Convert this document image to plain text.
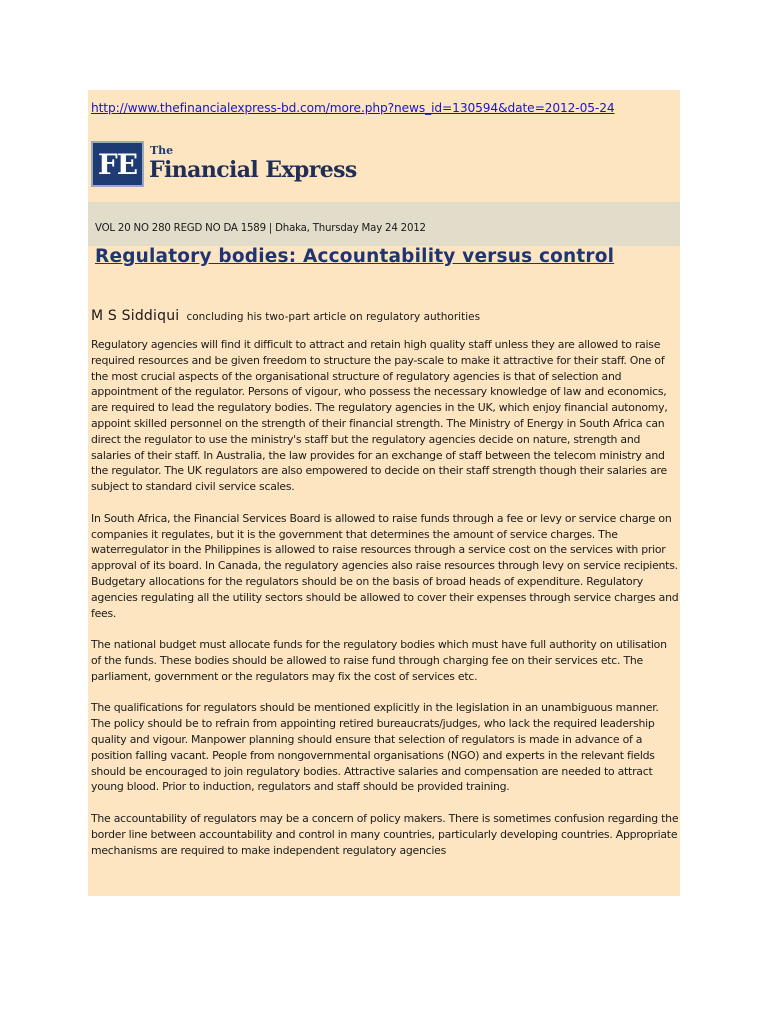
http://www.thefinancialexpress-bd.com/more.php?news_id=130594&date=2012-05-24
FE	The
Financial Express
VOL 20 NO 280 REGD NO DA 1589 | Dhaka, Thursday May 24 2012
Regulatory bodies: Accountability versus control
M S Siddiqui concluding his two-part article on regulatory authorities

Regulatory agencies will find it difficult to attract and retain high quality staff unless they are allowed to raise required resources and be given freedom to structure the pay-scale to make it attractive for their staff. One of the most crucial aspects of the organisational structure of regulatory agencies is that of selection and appointment of the regulator. Persons of vigour, who possess the necessary knowledge of law and economics, are required to lead the regulatory bodies. The regulatory agencies in the UK, which enjoy financial autonomy, appoint skilled personnel on the strength of their financial strength. The Ministry of Energy in South Africa can direct the regulator to use the ministry's staff but the regulatory agencies decide on nature, strength and salaries of their staff. In Australia, the law provides for an exchange of staff between the telecom ministry and the regulator. The UK regulators are also empowered to decide on their staff strength though their salaries are subject to standard civil service scales.

In South Africa, the Financial Services Board is allowed to raise funds through a fee or levy or service charge on companies it regulates, but it is the government that determines the amount of service charges. The waterregulator in the Philippines is allowed to raise resources through a service cost on the services with prior approval of its board. In Canada, the regulatory agencies also raise resources through levy on service recipients. Budgetary allocations for the regulators should be on the basis of broad heads of expenditure. Regulatory agencies regulating all the utility sectors should be allowed to cover their expenses through service charges and fees.

The national budget must allocate funds for the regulatory bodies which must have full authority on utilisation of the funds. These bodies should be allowed to raise fund through charging fee on their services etc. The parliament, government or the regulators may fix the cost of services etc.

The qualifications for regulators should be mentioned explicitly in the legislation in an unambiguous manner. The policy should be to refrain from appointing retired bureaucrats/judges, who lack the required leadership quality and vigour. Manpower planning should ensure that selection of regulators is made in advance of a position falling vacant. People from nongovernmental organisations (NGO) and experts in the relevant fields should be encouraged to join regulatory bodies. Attractive salaries and compensation are needed to attract young blood. Prior to induction, regulators and staff should be provided training.

The accountability of regulators may be a concern of policy makers. There is sometimes confusion regarding the border line between accountability and control in many countries, particularly developing countries. Appropriate mechanisms are required to make independent regulatory agencies
